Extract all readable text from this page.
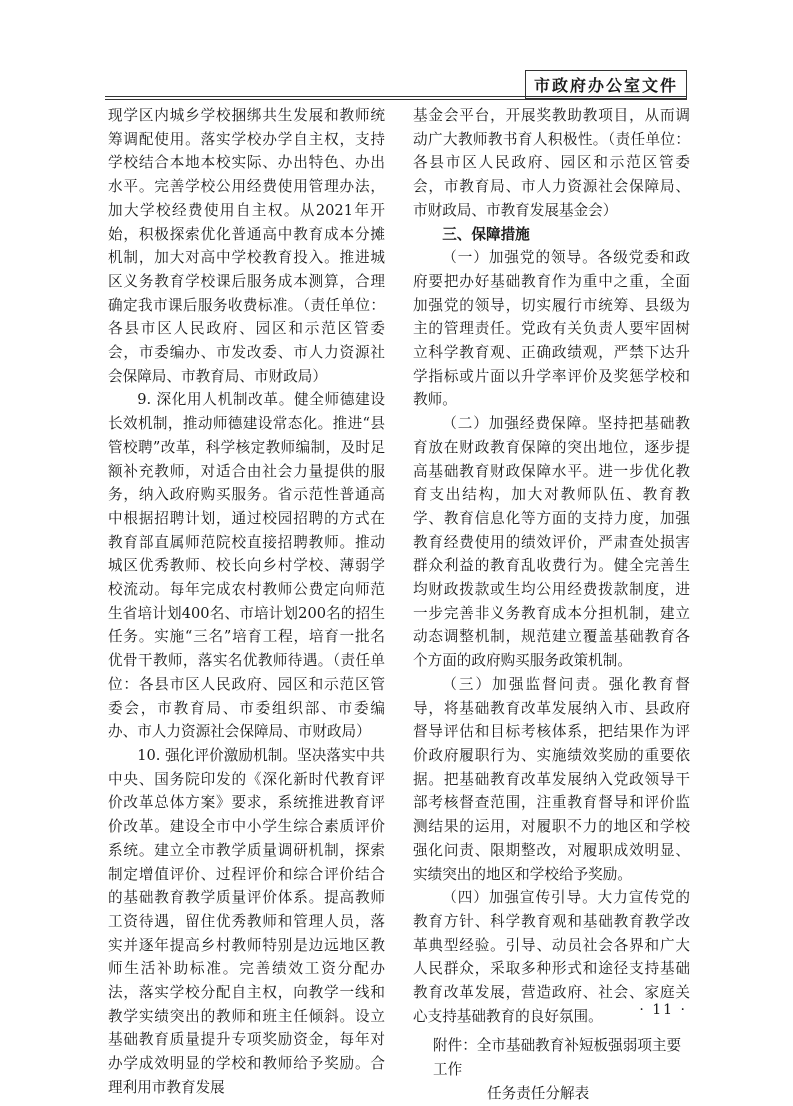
市政府办公室文件

现学区内城乡学校捆绑共生发展和教师统筹调配使用。落实学校办学自主权，支持学校结合本地本校实际、办出特色、办出水平。完善学校公用经费使用管理办法，加大学校经费使用自主权。从2021年开始，积极探索优化普通高中教育成本分摊机制，加大对高中学校教育投入。推进城区义务教育学校课后服务成本测算，合理确定我市课后服务收费标准。（责任单位：各县市区人民政府、园区和示范区管委会，市委编办、市发改委、市人力资源社会保障局、市教育局、市财政局）

9. 深化用人机制改革。健全师德建设长效机制，推动师德建设常态化。推进“县管校聘”改革，科学核定教师编制，及时足额补充教师，对适合由社会力量提供的服务，纳入政府购买服务。省示范性普通高中根据招聘计划，通过校园招聘的方式在教育部直属师范院校直接招聘教师。推动城区优秀教师、校长向乡村学校、薄弱学校流动。每年完成农村教师公费定向师范生省培计划400名、市培计划200名的招生任务。实施“三名”培育工程，培育一批名优骨干教师，落实名优教师待遇。（责任单位：各县市区人民政府、园区和示范区管委会，市教育局、市委组织部、市委编办、市人力资源社会保障局、市财政局）

10. 强化评价激励机制。坚决落实中共中央、国务院印发的《深化新时代教育评价改革总体方案》要求，系统推进教育评价改革。建设全市中小学生综合素质评价系统。建立全市教学质量调研机制，探索制定增值评价、过程评价和综合评价结合的基础教育教学质量评价体系。提高教师工资待遇，留住优秀教师和管理人员，落实并逐年提高乡村教师特别是边远地区教师生活补助标准。完善绩效工资分配办法，落实学校分配自主权，向教学一线和教学实绩突出的教师和班主任倾斜。设立基础教育质量提升专项奖励资金，每年对办学成效明显的学校和教师给予奖励。合理利用市教育发展

基金会平台，开展奖教助教项目，从而调动广大教师教书育人积极性。（责任单位：各县市区人民政府、园区和示范区管委会，市教育局、市人力资源社会保障局、市财政局、市教育发展基金会）

三、保障措施

（一）加强党的领导。各级党委和政府要把办好基础教育作为重中之重，全面加强党的领导，切实履行市统筹、县级为主的管理责任。党政有关负责人要牢固树立科学教育观、正确政绩观，严禁下达升学指标或片面以升学率评价及奖惩学校和教师。

（二）加强经费保障。坚持把基础教育放在财政教育保障的突出地位，逐步提高基础教育财政保障水平。进一步优化教育支出结构，加大对教师队伍、教育教学、教育信息化等方面的支持力度，加强教育经费使用的绩效评价，严肃查处损害群众利益的教育乱收费行为。健全完善生均财政拨款或生均公用经费拨款制度，进一步完善非义务教育成本分担机制，建立动态调整机制，规范建立覆盖基础教育各个方面的政府购买服务政策机制。

（三）加强监督问责。强化教育督导，将基础教育改革发展纳入市、县政府督导评估和目标考核体系，把结果作为评价政府履职行为、实施绩效奖励的重要依据。把基础教育改革发展纳入党政领导干部考核督查范围，注重教育督导和评价监测结果的运用，对履职不力的地区和学校强化问责、限期整改，对履职成效明显、实绩突出的地区和学校给予奖励。

（四）加强宣传引导。大力宣传党的教育方针、科学教育观和基础教育教学改革典型经验。引导、动员社会各界和广大人民群众，采取多种形式和途径支持基础教育改革发展，营造政府、社会、家庭关心支持基础教育的良好氛围。

附件：全市基础教育补短板强弱项主要工作
任务责任分解表
· 11 ·
